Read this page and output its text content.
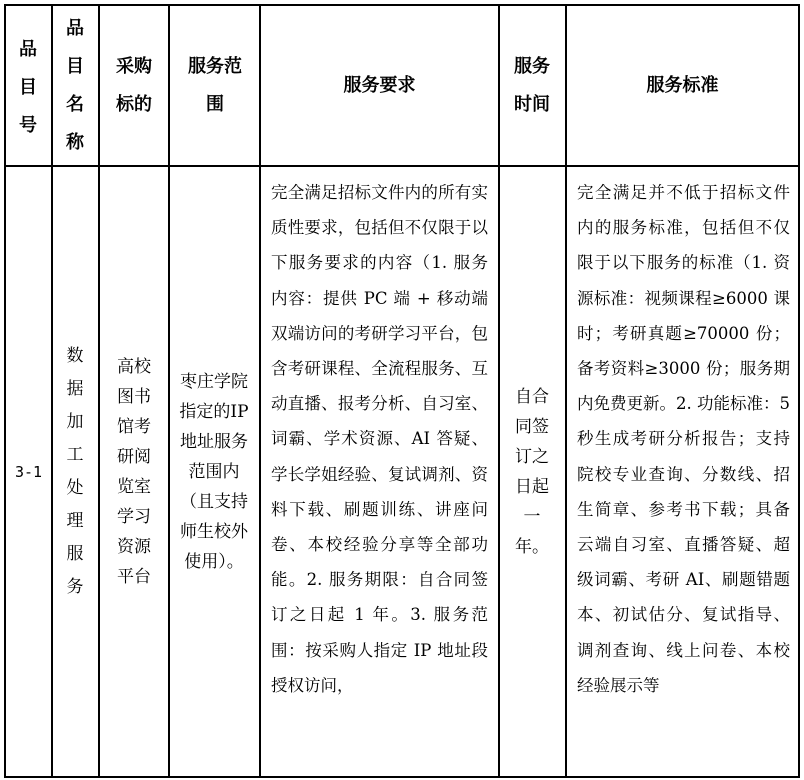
品目号
品目名称
采购标的
服务范围
服务要求
服务时间
服务标准
3-1
数据加工处理服务
高校图书馆考研阅览室学习资源平台
枣庄学院指定的IP地址服务范围内（且支持师生校外使用）。
完全满足招标文件内的所有实质性要求，包括但不仅限于以下服务要求的内容（1. 服务内容：提供 PC 端 + 移动端双端访问的考研学习平台，包含考研课程、全流程服务、互动直播、报考分析、自习室、词霸、学术资源、AI 答疑、学长学姐经验、复试调剂、资料下载、刷题训练、讲座问卷、本校经验分享等全部功能。2. 服务期限：自合同签订之日起 1 年。3. 服务范围：按采购人指定 IP 地址段授权访问，
自合同签订之日起一年。
完全满足并不低于招标文件内的服务标准，包括但不仅限于以下服务的标准（1. 资源标准：视频课程≥6000 课时；考研真题≥70000 份；备考资料≥3000 份；服务期内免费更新。2. 功能标准：5 秒生成考研分析报告；支持院校专业查询、分数线、招生简章、参考书下载；具备云端自习室、直播答疑、超级词霸、考研 AI、刷题错题本、初试估分、复试指导、调剂查询、线上问卷、本校经验展示等
